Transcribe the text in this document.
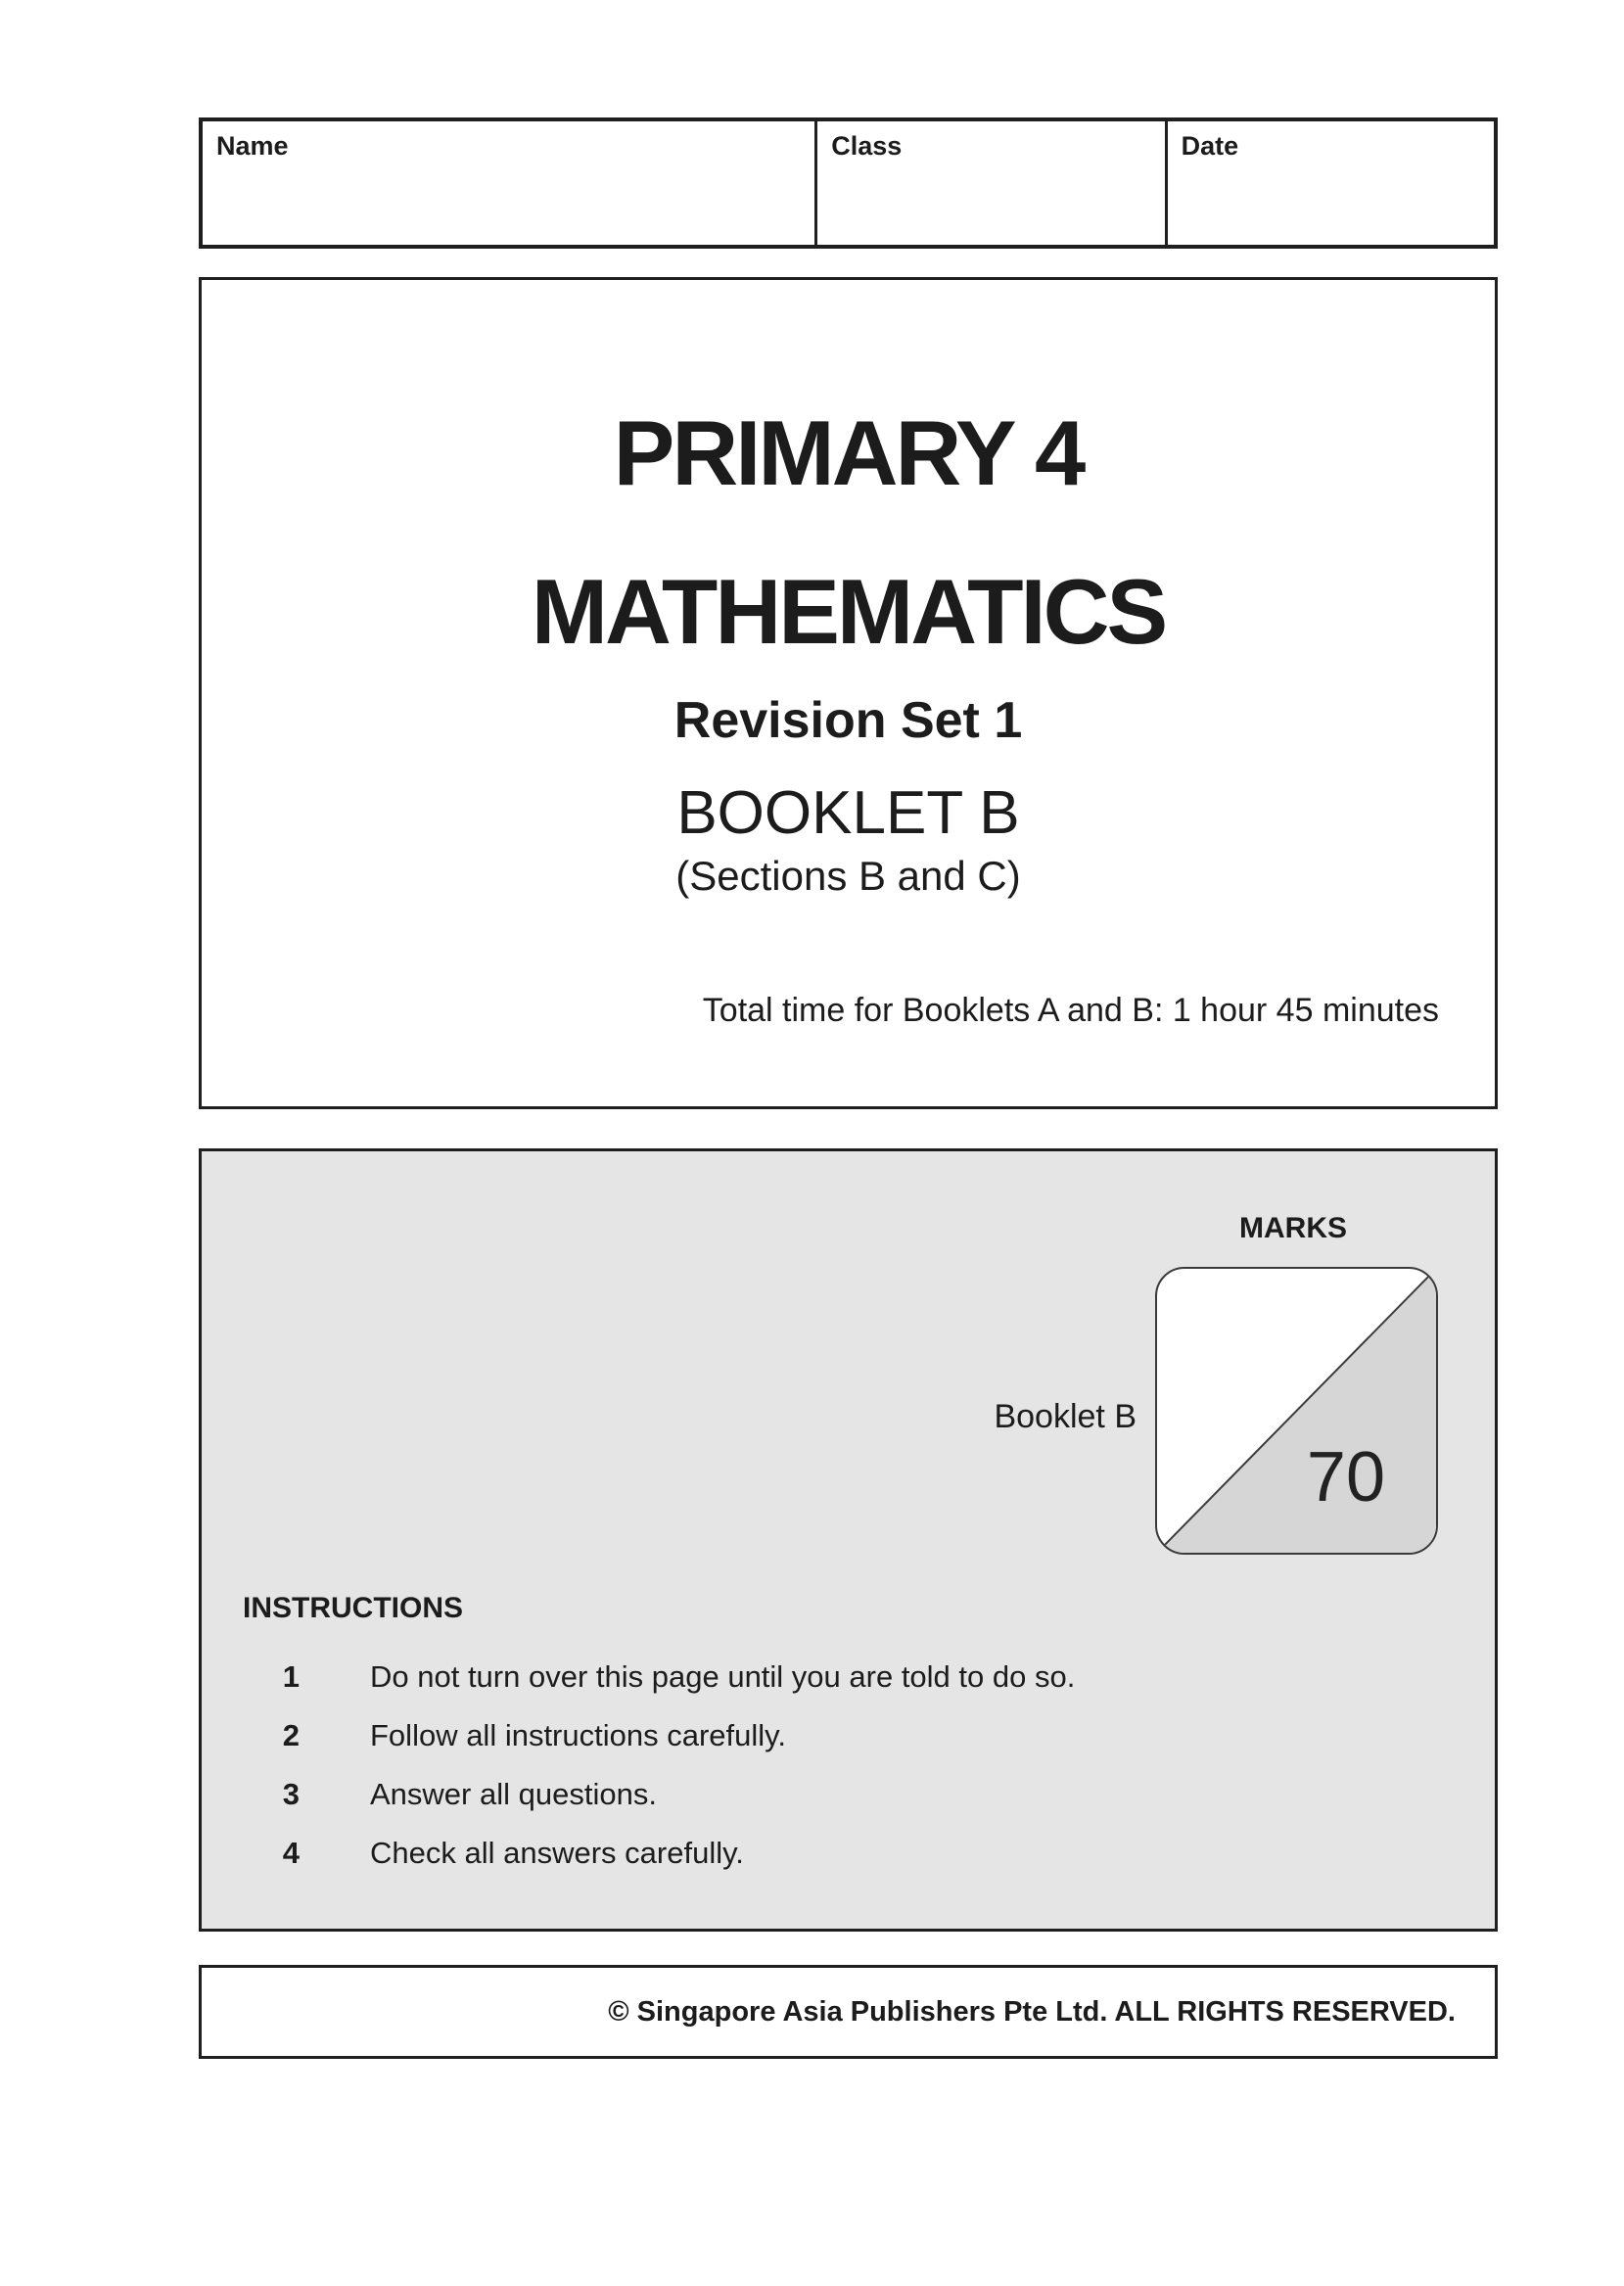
Name	Class	Date
PRIMARY 4
MATHEMATICS
Revision Set 1
BOOKLET B
(Sections B and C)
Total time for Booklets A and B: 1 hour 45 minutes
MARKS
70
Booklet B
INSTRUCTIONS
1 Do not turn over this page until you are told to do so.
2 Follow all instructions carefully.
3 Answer all questions.
4 Check all answers carefully.
© Singapore Asia Publishers Pte Ltd. ALL RIGHTS RESERVED.
